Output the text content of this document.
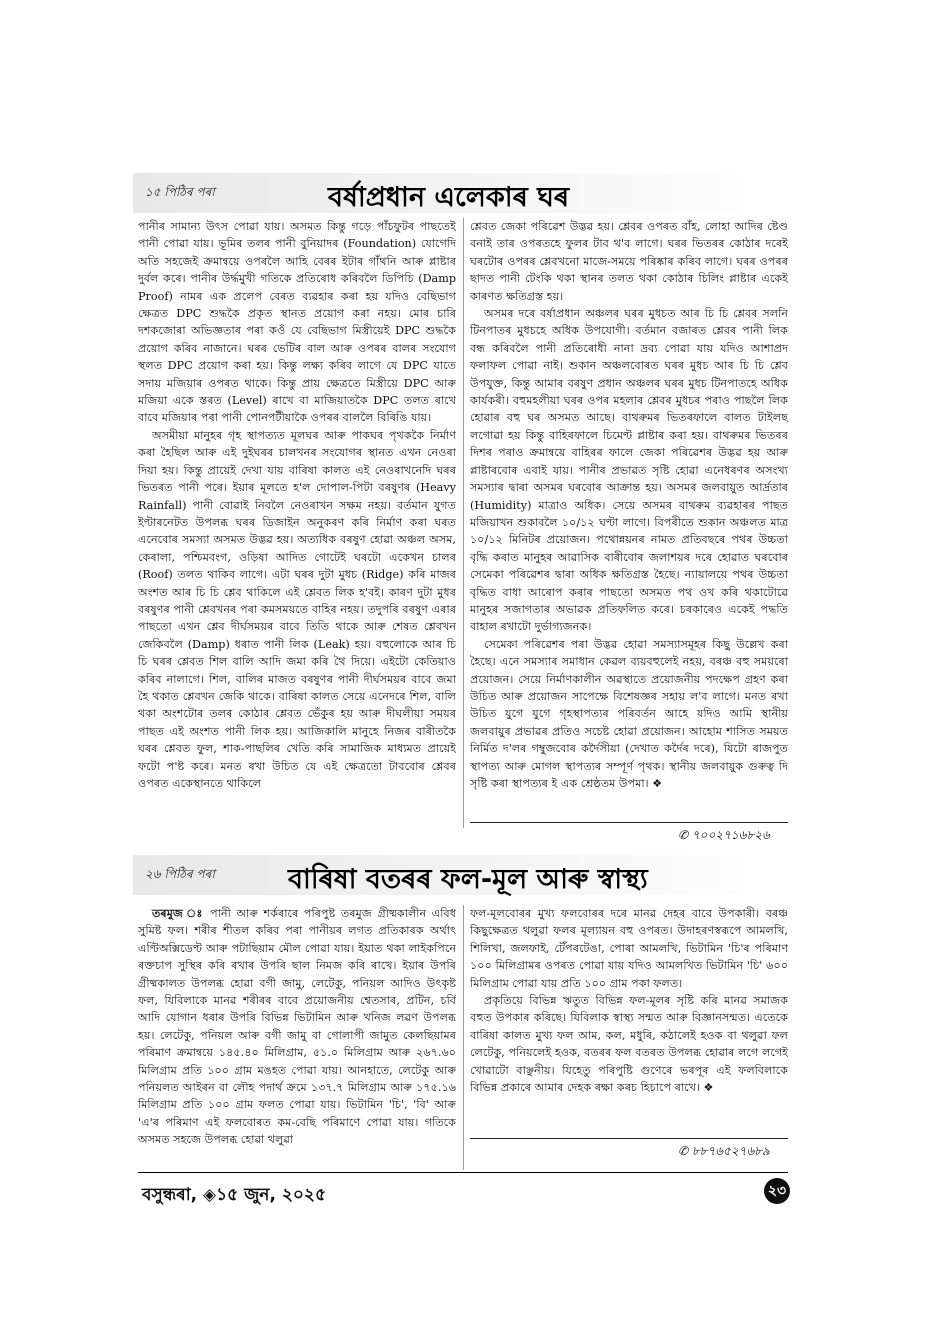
১৫ পিঠিৰ পৰা	বৰ্ষাপ্ৰধান এলেকাৰ ঘৰ

পানীৰ সামান্য উৎস পোৱা যায়। অসমত কিন্তু গড়ে পাঁচফুটৰ পাছতেই পানী পোৱা যায়। ভূমিৰ তলৰ পানী বুনিয়াদৰ (Foundation) যোগেদি অতি সহজেই ক্ৰমান্বয়ে ওপৰলৈ আহি বেৰৰ ইটাৰ গাঁথনি আৰু প্লাষ্টাৰ দুৰ্বল কৰে। পানীৰ উৰ্দ্ধমুখী গতিকে প্ৰতিৰোধ কৰিবলৈ ডিপিচি (Damp Proof) নামৰ এক প্ৰলেপ বেৰত ব্যৱহাৰ কৰা হয় যদিও বেছিভাগ ক্ষেত্ৰত DPC শুদ্ধকৈ প্ৰকৃত স্থানত প্ৰয়োগ কৰা নহয়। মোৰ চাৰি দশকজোৰা অভিজ্ঞতাৰ পৰা কওঁ যে বেছিভাগ মিস্ত্ৰীয়েই DPC শুদ্ধকৈ প্ৰয়োগ কৰিব নাজানে। ঘৰৰ ভেটিৰ বাল আৰু ওপৰৰ বালৰ সংযোগ স্থলত DPC প্ৰয়োগ কৰা হয়। কিন্তু লক্ষ্য কৰিব লাগে যে DPC যাতে সদায় মজিয়াৰ ওপৰত থাকে। কিন্তু প্ৰায় ক্ষেত্ৰতে মিস্ত্ৰীয়ে DPC আৰু মজিয়া একে স্তৰত (Level) ৰাখে বা মাজিয়াতকৈ DPC তলত ৰাখে বাবে মজিয়াৰ পৰা পানী পোনপটীয়াকৈ ওপৰৰ বাললৈ বিৰিঙি যায়।

অসমীয়া মানুহৰ গৃহ স্থাপত্যত মূলঘৰ আৰু পাকঘৰ পৃথককৈ নিৰ্মাণ কৰা হৈছিল আৰু এই দুইঘৰৰ চালখনৰ সংযোগৰ স্থানত এখন নেওৰা দিয়া হয়। কিন্তু প্ৰায়েই দেখা যায় বাৰিষা কালত এই নেওৰাখনেদি ঘৰৰ ভিতৰত পানী পৰে। ইয়াৰ মূলতে হ'ল দোপাল-পিটা বৰষুণৰ (Heavy Rainfall) পানী বোৱাই নিবলৈ নেওৰাখন সক্ষম নহয়। বৰ্তমান যুগত ইণ্টাৰনেটত উপলব্ধ ঘৰৰ ডিজাইন অনুকৰণ কৰি নিৰ্মাণ কৰা ঘৰত এনেবোৰ সমস্যা অসমত উদ্ভৱ হয়। অত্যধিক বৰষুণ হোৱা অঞ্চল অসম, কেৰালা, পশ্চিমবংগ, ওড়িষা আদিত গোটেই ঘৰটো একেখন চালৰ (Roof) তলত থাকিব লাগে। এটা ঘৰৰ দুটা মুধচ (Ridge) কৰি মাজৰ অংশত আৰ চি চি শ্লেব থাকিলে এই শ্লেবত লিক হ'বই। কাৰণ দুটা মুধৰ বৰষুণৰ পানী শ্লেবখনৰ পৰা কমসময়তে বাহিৰ নহয়। তদুপৰি বৰষুণ এৰাৰ পাছতো এখন শ্লেব দীৰ্ঘসময়ৰ বাবে তিতি থাকে আৰু শেষত শ্লেবখন জেকিবলৈ (Damp) ধৰাত পানী লিক (Leak) হয়। বহুলোকে আৰ চি চি ঘৰৰ শ্লেবত শিল বালি আদি জমা কৰি থৈ দিয়ে। এইটো কেতিয়াও কৰিব নালাগে। শিল, বালিৰ মাজত বৰষুণৰ পানী দীৰ্ঘসময়ৰ বাবে জমা হৈ থকাত শ্লেবখন জেকি থাকে। বাৰিষা কালত সেয়ে এনেদৰে শিল, বালি থকা অংশটোৰ তলৰ কোঠাৰ শ্লেবত ভেঁকুৰ হয় আৰু দীঘলীয়া সময়ৰ পাছত এই অংশত পানী লিক হয়। আজিকালি মানুহে নিজৰ বাৰীতকৈ ঘৰৰ শ্লেবত ফুল, শাক-পাছলিৰ খেতি কৰি সামাজিক মাধ্যমত প্ৰায়েই ফটো প'ষ্ট কৰে। মনত ৰখা উচিত যে এই ক্ষেত্ৰতো টাববোৰ শ্লেবৰ ওপৰত একেস্থানতে থাকিলে

শ্লেবত জেকা পৰিৱেশ উদ্ভৱ হয়। শ্লেবৰ ওপৰত বাঁহ, লোহা আদিৰ ষ্টেণ্ড বনাই তাৰ ওপৰতহে ফুলৰ টাব থ'ব লাগে। ঘৰৰ ভিতৰৰ কোঠাৰ দৰেই ঘৰটোৰ ওপৰৰ শ্লেবখনো মাজে-সময়ে পৰিষ্কাৰ কৰিব লাগে। ঘৰৰ ওপৰৰ ছাদত পানী টেংকি থকা স্থানৰ তলত থকা কোঠাৰ চিলিং প্লাষ্টাৰ একেই কাৰণত ক্ষতিগ্ৰস্ত হয়।

অসমৰ দৰে বৰ্ষাপ্ৰধান অঞ্চলৰ ঘৰৰ মুধচত আৰ চি চি শ্লেবৰ সলনি টিনপাতৰ মুধচহে অধিক উপযোগী। বৰ্তমান বজাৰত শ্লেবৰ পানী লিক বন্ধ কৰিবলৈ পানী প্ৰতিৰোধী নানা দ্ৰব্য পোৱা যায় যদিও আশাপ্ৰদ ফলাফল পোৱা নাই। শুকান অঞ্চলবোৰত ঘৰৰ মুধচ আৰ চি চি শ্লেব উপযুক্ত, কিন্তু আমাৰ বৰষুণ প্ৰধান অঞ্চলৰ ঘৰৰ মুধচ টিনপাতহে অধিক কাৰ্যকৰী। বহুমহলীয়া ঘৰৰ ওপৰ মহলাৰ শ্লেবৰ মুধচৰ পৰাও পাছলৈ লিক হোৱাৰ বহু ঘৰ অসমত আছে। বাথৰুমৰ ভিতৰফালে বালত টাইলছ লগোৱা হয় কিন্তু বাহিৰফালে চিমেণ্ট প্লাষ্টাৰ কৰা হয়। বাথৰুমৰ ভিতৰৰ দিশৰ পৰাও ক্ৰমান্বয়ে বাহিৰৰ ফালে জেকা পৰিৱেশৰ উদ্ভৱ হয় আৰু প্লাষ্টাৰবোৰ এবাই যায়। পানীৰ প্ৰভাৱত সৃষ্টি হোৱা এনেধৰণৰ অসংখ্য সমস্যাৰ দ্বাৰা অসমৰ ঘৰবোৰ আক্ৰান্ত হয়। অসমৰ জলবায়ুত আৰ্দ্ৰতাৰ (Humidity) মাত্ৰাও অধিক। সেয়ে অসমৰ বাথৰুম ব্যৱহাৰৰ পাছত মজিয়াখন শুকাবলৈ ১০/১২ ঘণ্টা লাগে। বিপৰীতে শুকান অঞ্চলত মাত্ৰ ১০/১২ মিনিটৰ প্ৰয়োজন। পথোন্নয়নৰ নামত প্ৰতিবছৰে পথৰ উচ্চতা বৃদ্ধি কৰাত মানুহৰ আৱাসিক বাৰীবোৰ জলাশয়ৰ দৰে হোৱাত ঘৰবোৰ সেমেকা পৰিৱেশৰ দ্বাৰা অধিক ক্ষতিগ্ৰস্ত হৈছে। ন্যায়ালয়ে পথৰ উচ্চতা বৃদ্ধিত বাধা আৰোপ কৰাৰ পাছতো অসমত পথ ওখ কৰি থকাটোৱে মানুহৰ সজাগতাৰ অভাৱক প্ৰতিফলিত কৰে। চৰকাৰেও একেই পদ্ধতি বাহাল ৰখাটো দুৰ্ভাগ্যজনক।

সেমেকা পৰিৱেশৰ পৰা উদ্ভৱ হোৱা সমস্যাসমূহৰ কিছু উল্লেখ কৰা হৈছে। এনে সমস্যাৰ সমাধান কেৱল ব্যয়বহুলেই নহয়, বৰঞ্চ বহু সময়ৰো প্ৰয়োজন। সেয়ে নিৰ্মাণকালীন অৱস্থাতে প্ৰয়োজনীয় পদক্ষেপ গ্ৰহণ কৰা উচিত আৰু প্ৰয়োজন সাপেক্ষে বিশেষজ্ঞৰ সহায় ল'ব লাগে। মনত ৰখা উচিত যুগে যুগে গৃহস্থাপত্যৰ পৰিবৰ্তন আহে যদিও আমি স্থানীয় জলবায়ুৰ প্ৰভাৱৰ প্ৰতিও সচেষ্ট হোৱা প্ৰয়োজন। আহোম শাসিত সময়ত নিৰ্মিত দ'লৰ গম্বুজবোৰ কৰ্দৈসীয়া (দেখাত কৰ্দৈৰ দৰে), যিটো ৰাজপুত স্থাপত্য আৰু মোগল স্থাপত্যৰ সম্পূৰ্ণ পৃথক। স্থানীয় জলবায়ুক গুৰুত্ব দি সৃষ্টি কৰা স্থাপত্যৰ ই এক শ্ৰেষ্ঠতম উপমা। ❖

✆ ৭০০২৭১৬৮২৬
২৬ পিঠিৰ পৰা	বাৰিষা বতৰৰ ফল-মূল আৰু স্বাস্থ্য

তৰমুজ ঃ পানী আৰু শৰ্কৰাৰে পৰিপুষ্ট তৰমুজ গ্ৰীষ্মকালীন এবিধ সুমিষ্ট ফল। শৰীৰ শীতল কৰিব পৰা পানীয়ৰ লগত প্ৰতিকাৰক অৰ্থাৎ এণ্টিঅক্সিডেণ্ট আৰু পটাছিয়াম মৌল পোৱা যায়। ইয়াত থকা লাইকপিনে ৰক্তচাপ সুস্থিৰ কৰি ৰখাৰ উপৰি ছাল নিমজ কৰি ৰাখে। ইয়াৰ উপৰি গ্ৰীষ্মকালত উপলব্ধ হোৱা বগী জামু, লেটেকু, পনিয়ল আদিও উৎকৃষ্ট ফল, যিবিলাকে মানৱ শৰীৰৰ বাবে প্ৰয়োজনীয় শ্বেতসাৰ, প্ৰটিন, চৰ্বি আদি যোগান ধৰাৰ উপৰি বিভিন্ন ভিটামিন আৰু খনিজ লৱণ উপলব্ধ হয়। লেটেকু, পনিয়ল আৰু বগী জামু বা গোলাপী জামুত কেলছিয়ামৰ পৰিমাণ ক্ৰমান্বয়ে ১৪৫.৪০ মিলিগ্ৰাম, ৫১.০ মিলিগ্ৰাম আৰু ২৬৭.৬০ মিলিগ্ৰাম প্ৰতি ১০০ গ্ৰাম মঙহত পোৱা যায়। আনহাতে, লেটেকু আৰু পনিয়লত আইৰন বা লৌহ পদাৰ্থ ক্ৰমে ১৩৭.৭ মিলিগ্ৰাম আৰু ১৭৫.১৬ মিলিগ্ৰাম প্ৰতি ১০০ গ্ৰাম ফলত পোৱা যায়। ভিটামিন 'চি', 'বি' আৰু 'এ'ৰ পৰিমাণ এই ফলবোৰত কম-বেছি পৰিমাণে পোৱা যায়। গতিকে অসমত সহজে উপলব্ধ হোৱা থলুৱা

ফল-মূলবোৰৰ মুখ্য ফলবোৰৰ দৰে মানৱ দেহৰ বাবে উপকাৰী। বৰঞ্চ কিছুক্ষেত্ৰত থলুৱা ফলৰ মূল্যায়ন বহু ওপৰত। উদাহৰণস্বৰূপে আমলখি, শিলিখা, জলফাই, টেঁপৰটেঙা, পোৰা আমলখি, ভিটামিন 'চি'ৰ পৰিমাণ ১০০ মিলিগ্ৰামৰ ওপৰত পোৱা যায় যদিও আমলখিত ভিটামিন 'চি' ৬০০ মিলিগ্ৰাম পোৱা যায় প্ৰতি ১০০ গ্ৰাম পকা ফলত।

প্ৰকৃতিয়ে বিভিন্ন ঋতুত বিভিন্ন ফল-মূলৰ সৃষ্টি কৰি মানৱ সমাজক বহুত উপকাৰ কৰিছে। যিবিলাক স্বাস্থ্য সন্মত আৰু বিজ্ঞানসন্মত। এতেকে বাৰিষা কালত মুখ্য ফল আম, কল, মধুৰি, কঠালেই হওক বা থলুৱা ফল লেটেকু, পনিয়লেই হওক, বতৰৰ ফল বতৰত উপলব্ধ হোৱাৰ লগে লগেই খোৱাটো বাঞ্ছনীয়। যিহেতু পৰিপুষ্টি গুণেৰে ভৰপূৰ এই ফলবিলাকে বিভিন্ন প্ৰকাৰে আমাৰ দেহক ৰক্ষা কৰচ হিচাপে ৰাখে। ❖

✆ ৮৮৭৬৫২৭৬৮৯
বসুন্ধৰা, ◈১৫ জুন, ২০২৫	২৩
